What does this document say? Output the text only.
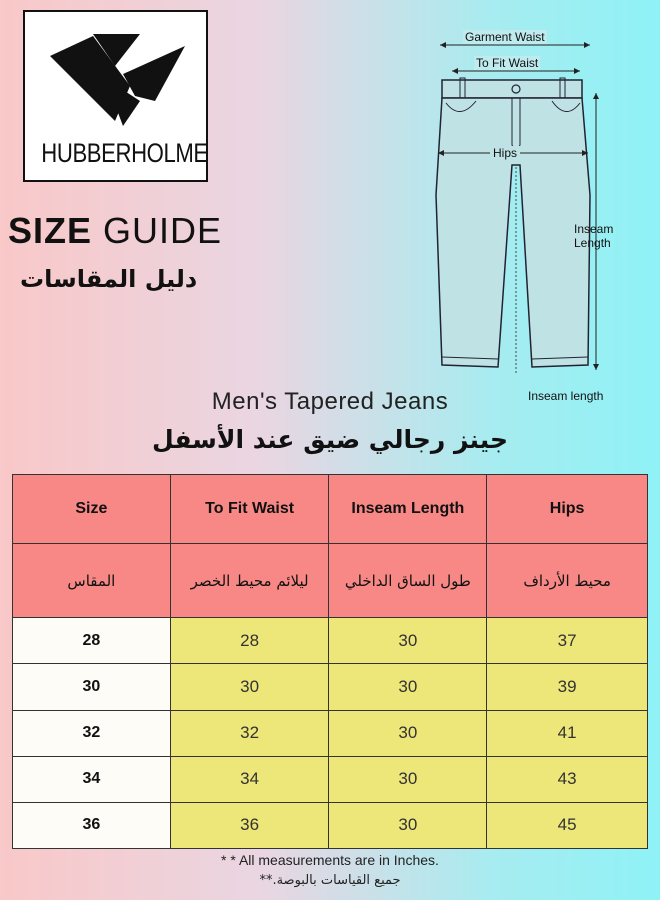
HUBBERHOLME
SIZE GUIDE
دليل المقاسات
Garment Waist
To Fit Waist
Hips
Inseam
Length
Inseam length
Men's Tapered Jeans
جينز رجالي ضيق عند الأسفل
Size	To Fit Waist	Inseam Length	Hips
المقاس	ليلائم محيط الخصر	طول الساق الداخلي	محيط الأرداف
28	28	30	37
30	30	30	39
32	32	30	41
34	34	30	43
36	36	30	45
* * All measurements are in Inches.
جميع القياسات بالبوصة.**
